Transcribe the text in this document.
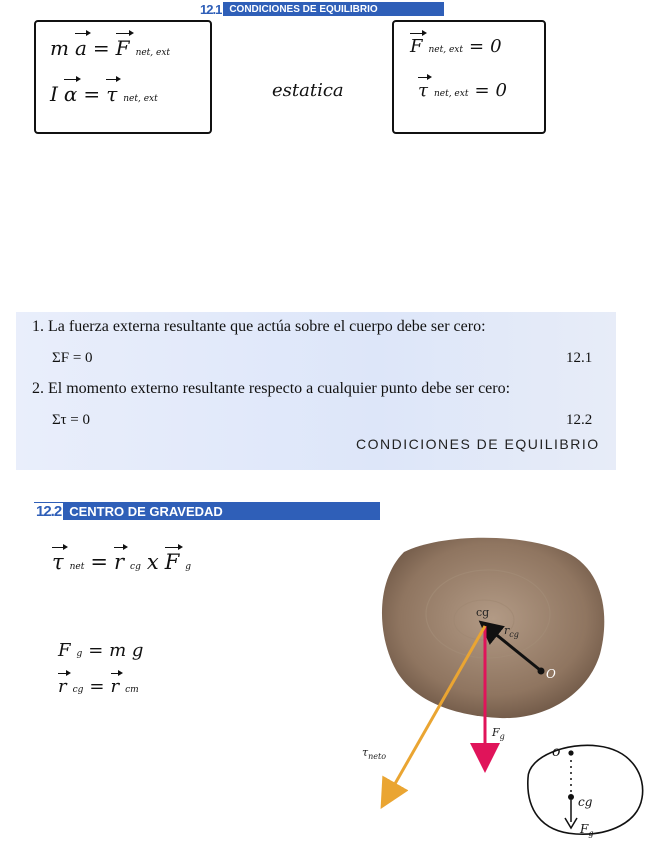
12.1 CONDICIONES DE EQUILIBRIO
m a = F net, ext
I α = τ net, ext	estatica
F net, ext = 0
τ net, ext = 0
1. La fuerza externa resultante que actúa sobre el cuerpo debe ser cero:
ΣF = 0	12.1
2. El momento externo resultante respecto a cualquier punto debe ser cero:
Στ = 0	12.2
CONDICIONES DE EQUILIBRIO
12.2 CENTRO DE GRAVEDAD
τ net = r cg x F g
F g = m g
r cg = r cm
cg
$r_{cg}$
O
$F_g$
$\tau_{neto}$	o
cg
$F_g$
